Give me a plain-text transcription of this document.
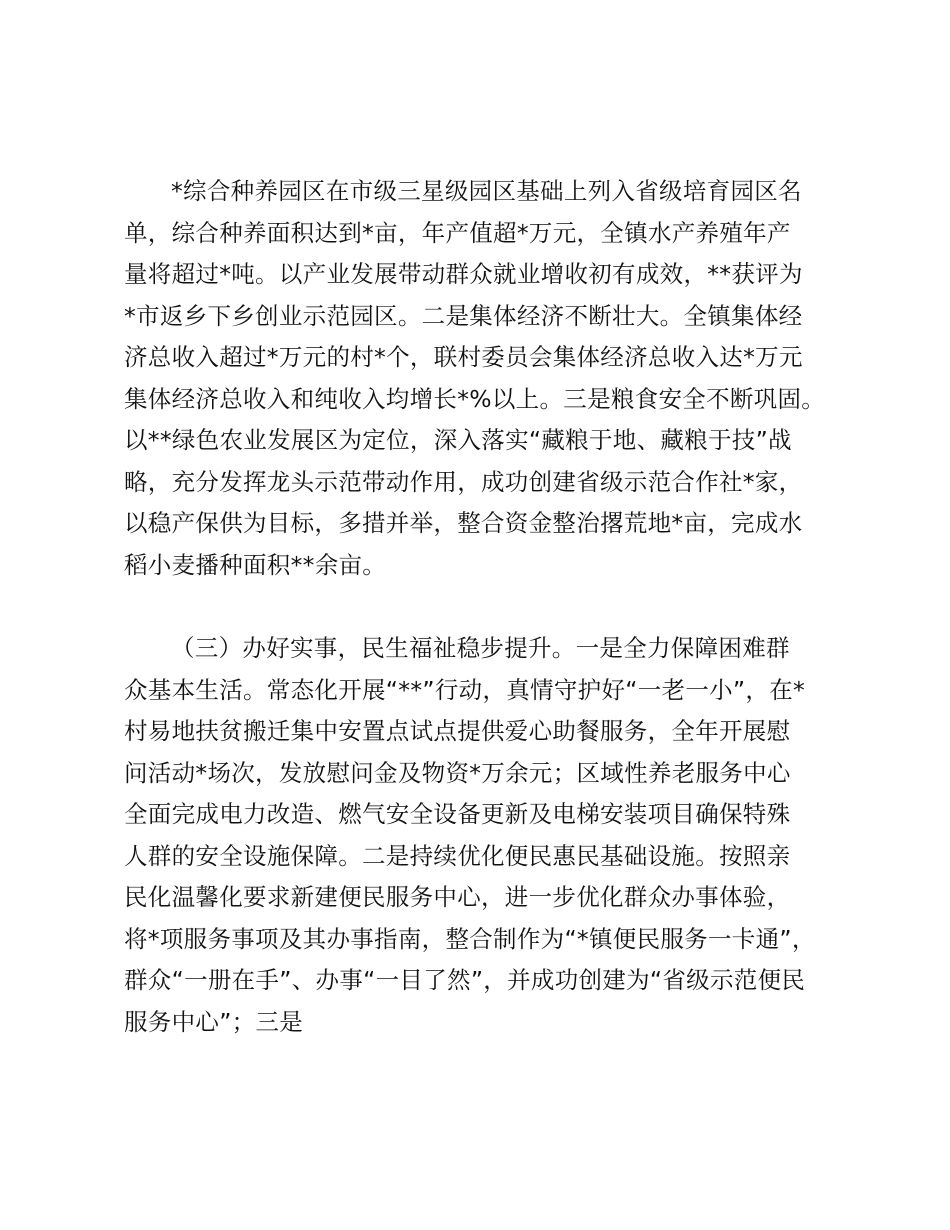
*综合种养园区在市级三星级园区基础上列入省级培育园区名
单，综合种养面积达到*亩，年产值超*万元，全镇水产养殖年产
量将超过*吨。以产业发展带动群众就业增收初有成效，**获评为
*市返乡下乡创业示范园区。二是集体经济不断壮大。全镇集体经
济总收入超过*万元的村*个，联村委员会集体经济总收入达*万元
集体经济总收入和纯收入均增长*%以上。三是粮食安全不断巩固。
以**绿色农业发展区为定位，深入落实“藏粮于地、藏粮于技”战
略，充分发挥龙头示范带动作用，成功创建省级示范合作社*家，
以稳产保供为目标，多措并举，整合资金整治撂荒地*亩，完成水
稻小麦播种面积**余亩。
（三）办好实事，民生福祉稳步提升。一是全力保障困难群
众基本生活。常态化开展“**”行动，真情守护好“一老一小”，在*
村易地扶贫搬迁集中安置点试点提供爱心助餐服务，全年开展慰
问活动*场次，发放慰问金及物资*万余元；区域性养老服务中心
全面完成电力改造、燃气安全设备更新及电梯安装项目确保特殊
人群的安全设施保障。二是持续优化便民惠民基础设施。按照亲
民化温馨化要求新建便民服务中心，进一步优化群众办事体验，
将*项服务事项及其办事指南，整合制作为“*镇便民服务一卡通”，
群众“一册在手”、办事“一目了然”，并成功创建为“省级示范便民
服务中心”；三是
